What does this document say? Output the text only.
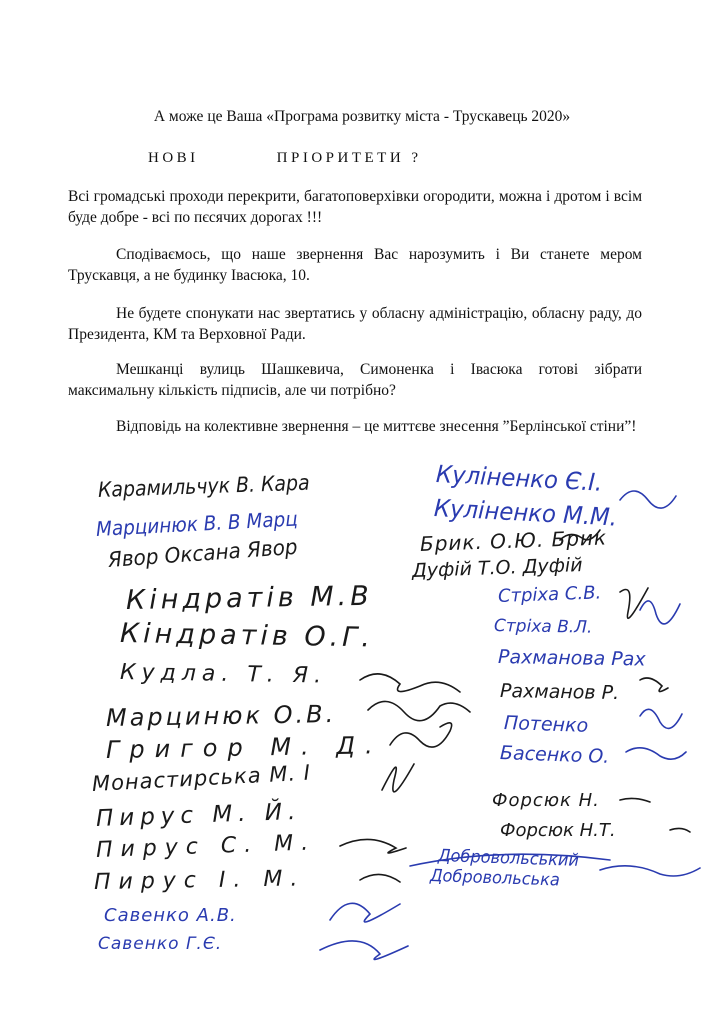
А може це Ваша «Програма розвитку міста - Трускавець 2020»
НОВІ	ПРІОРИТЕТИ ?
Всі громадські проходи перекрити, багатоповерхівки огородити, можна і дротом і всім буде добре - всі по пєсячих дорогах !!!
Сподіваємось, що наше звернення Вас нарозумить і Ви станете мером Трускавця, а не будинку Івасюка, 10.
Не будете спонукати нас звертатись у обласну адміністрацію, обласну раду, до Президента, КМ та Верховної Ради.
Мешканці вулиць Шашкевича, Симоненка і Івасюка готові зібрати максимальну кількість підписів, але чи потрібно?
Відповідь на колективне звернення – це миттєве знесення ”Берлінської стіни”!
Карамильчук В. Кара
Марцинюк В. В Марц
Явор Оксана Явор
Кіндратів М.В
Кіндратів О.Г.
Кудла. Т. Я.
Марцинюк О.В.
Григор М. Д.
Монастирська М. І
Пирус М. Й.
Пирус С. М.
Пирус І. М.
Савенко А.В.
Савенко Г.Є.
Куліненко Є.І.
Куліненко М.М.
Брик. О.Ю. Брик
Дуфій Т.О. Дуфій
Стріха С.В.
Стріха В.Л.
Рахманова Рах
Рахманов Р.
Потенко
Басенко О.
Форсюк Н.
Форсюк Н.Т.
Добровольський
Добровольська
